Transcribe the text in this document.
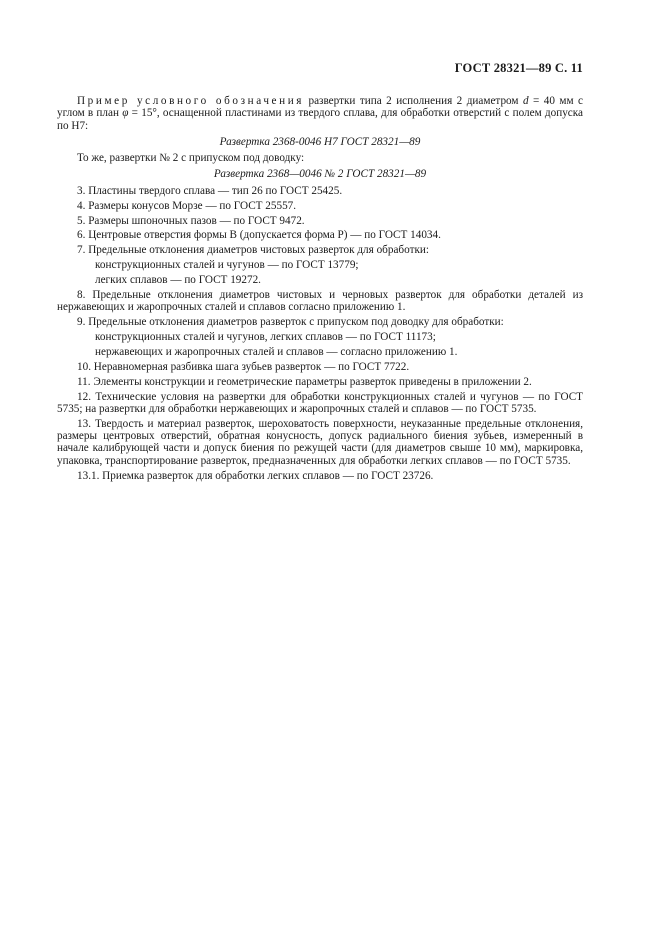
ГОСТ 28321—89 С. 11

Пример условного обозначения развертки типа 2 исполнения 2 диаметром d = 40 мм с углом в план φ = 15°, оснащенной пластинами из твердого сплава, для обработки отверстий с полем допуска по Н7:

Развертка 2368-0046 Н7 ГОСТ 28321—89

То же, развертки № 2 с припуском под доводку:

Развертка 2368—0046 № 2 ГОСТ 28321—89

3. Пластины твердого сплава — тип 26 по ГОСТ 25425.

4. Размеры конусов Морзе — по ГОСТ 25557.

5. Размеры шпоночных пазов — по ГОСТ 9472.

6. Центровые отверстия формы В (допускается форма Р) — по ГОСТ 14034.

7. Предельные отклонения диаметров чистовых разверток для обработки:

конструкционных сталей и чугунов — по ГОСТ 13779;

легких сплавов — по ГОСТ 19272.

8. Предельные отклонения диаметров чистовых и черновых разверток для обработки деталей из нержавеющих и жаропрочных сталей и сплавов согласно приложению 1.

9. Предельные отклонения диаметров разверток с припуском под доводку для обработки:

конструкционных сталей и чугунов, легких сплавов — по ГОСТ 11173;

нержавеющих и жаропрочных сталей и сплавов — согласно приложению 1.

10. Неравномерная разбивка шага зубьев разверток — по ГОСТ 7722.

11. Элементы конструкции и геометрические параметры разверток приведены в приложении 2.

12. Технические условия на развертки для обработки конструкционных сталей и чугунов — по ГОСТ 5735; на развертки для обработки нержавеющих и жаропрочных сталей и сплавов — по ГОСТ 5735.

13. Твердость и материал разверток, шероховатость поверхности, неуказанные предельные отклонения, размеры центровых отверстий, обратная конусность, допуск радиального биения зубьев, измеренный в начале калибрующей части и допуск биения по режущей части (для диаметров свыше 10 мм), маркировка, упаковка, транспортирование разверток, предназначенных для обработки легких сплавов — по ГОСТ 5735.

13.1. Приемка разверток для обработки легких сплавов — по ГОСТ 23726.
